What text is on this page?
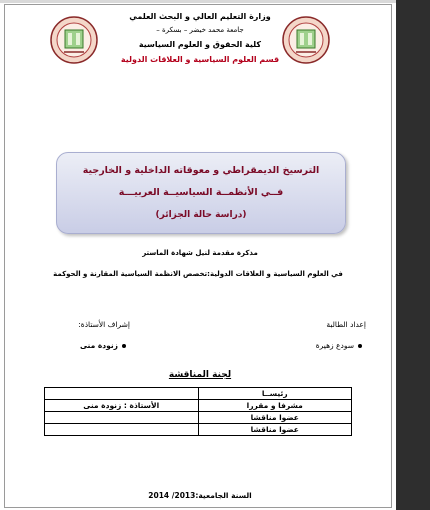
وزارة التعليم العالي و البحث العلمي
جامعة محمد خيضر – بسكرة –
كلية الحقوق و العلوم السياسية
قسم العلوم السياسية و العلاقات الدولية
الترسيخ الديمقراطي و معوقاته الداخلية و الخارجية
فــي الأنظمــة السياسيــة العربيـــة
(دراسة حالة الجزائر)
مذكرة مقدمة لنيل شهادة الماستر
في العلوم السياسية و العلاقات الدولية:تخصص الانظمة السياسية المقارنة و الحوكمة
إعداد الطالبة
سودع زهيرة
إشراف الأستاذة:
زنودة منى
لجنة المناقشة
رئيســا	
مشرفا و مقررا	الأستاذة : زنودة منى
عضوا مناقشا	
عضوا مناقشا	
السنة الجامعية:2013/ 2014
